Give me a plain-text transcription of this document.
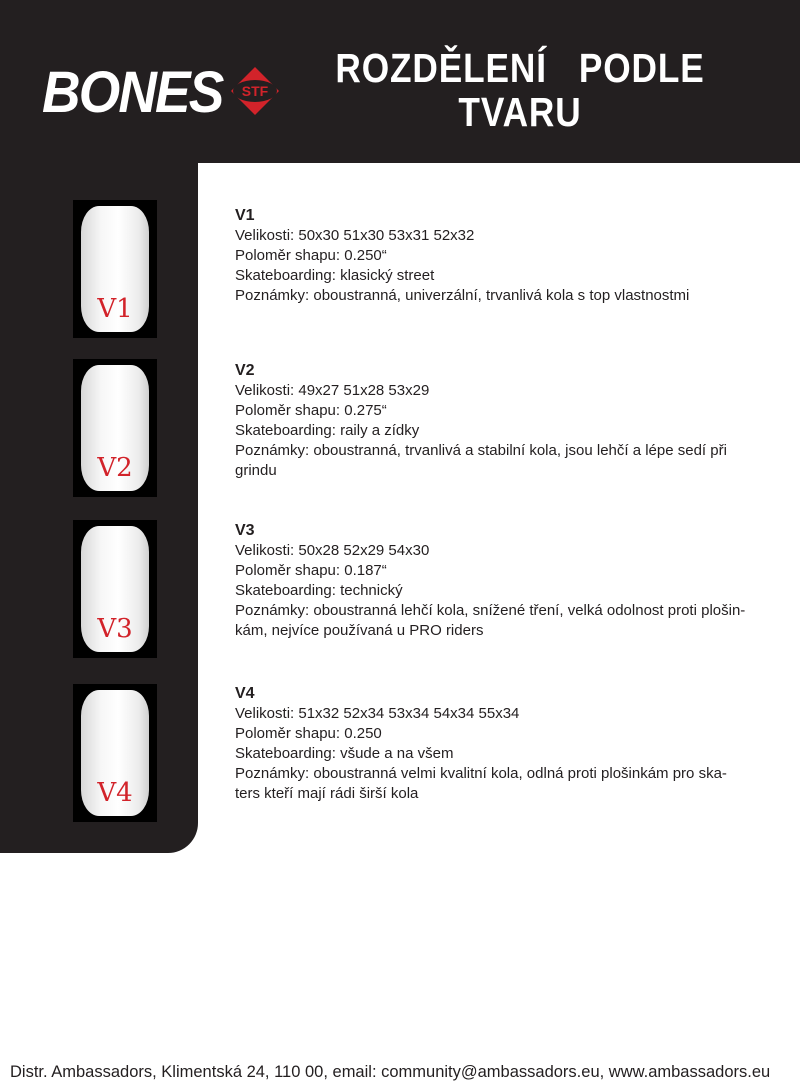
BONES STF ROZDĚLENÍ   PODLE
TVARU
V1
V2
V3
V4
V1
Velikosti: 50x30 51x30 53x31 52x32
Poloměr shapu: 0.250“
Skateboarding: klasický street
Poznámky: oboustranná, univerzální, trvanlivá kola s top vlastnostmi
V2
Velikosti: 49x27 51x28 53x29
Poloměr shapu: 0.275“
Skateboarding: raily a zídky
Poznámky: oboustranná, trvanlivá a stabilní kola, jsou lehčí a lépe sedí při
grindu
V3
Velikosti: 50x28 52x29 54x30
Poloměr shapu: 0.187“
Skateboarding: technický
Poznámky: oboustranná lehčí kola, snížené tření, velká odolnost proti plošin-
kám, nejvíce používaná u PRO riders
V4
Velikosti: 51x32 52x34 53x34 54x34 55x34
Poloměr shapu: 0.250
Skateboarding: všude a na všem
Poznámky: oboustranná velmi kvalitní kola, odlná proti plošinkám pro ska-
ters kteří mají rádi širší kola
Distr. Ambassadors, Klimentská 24, 110 00, email: community@ambassadors.eu, www.ambassadors.eu
